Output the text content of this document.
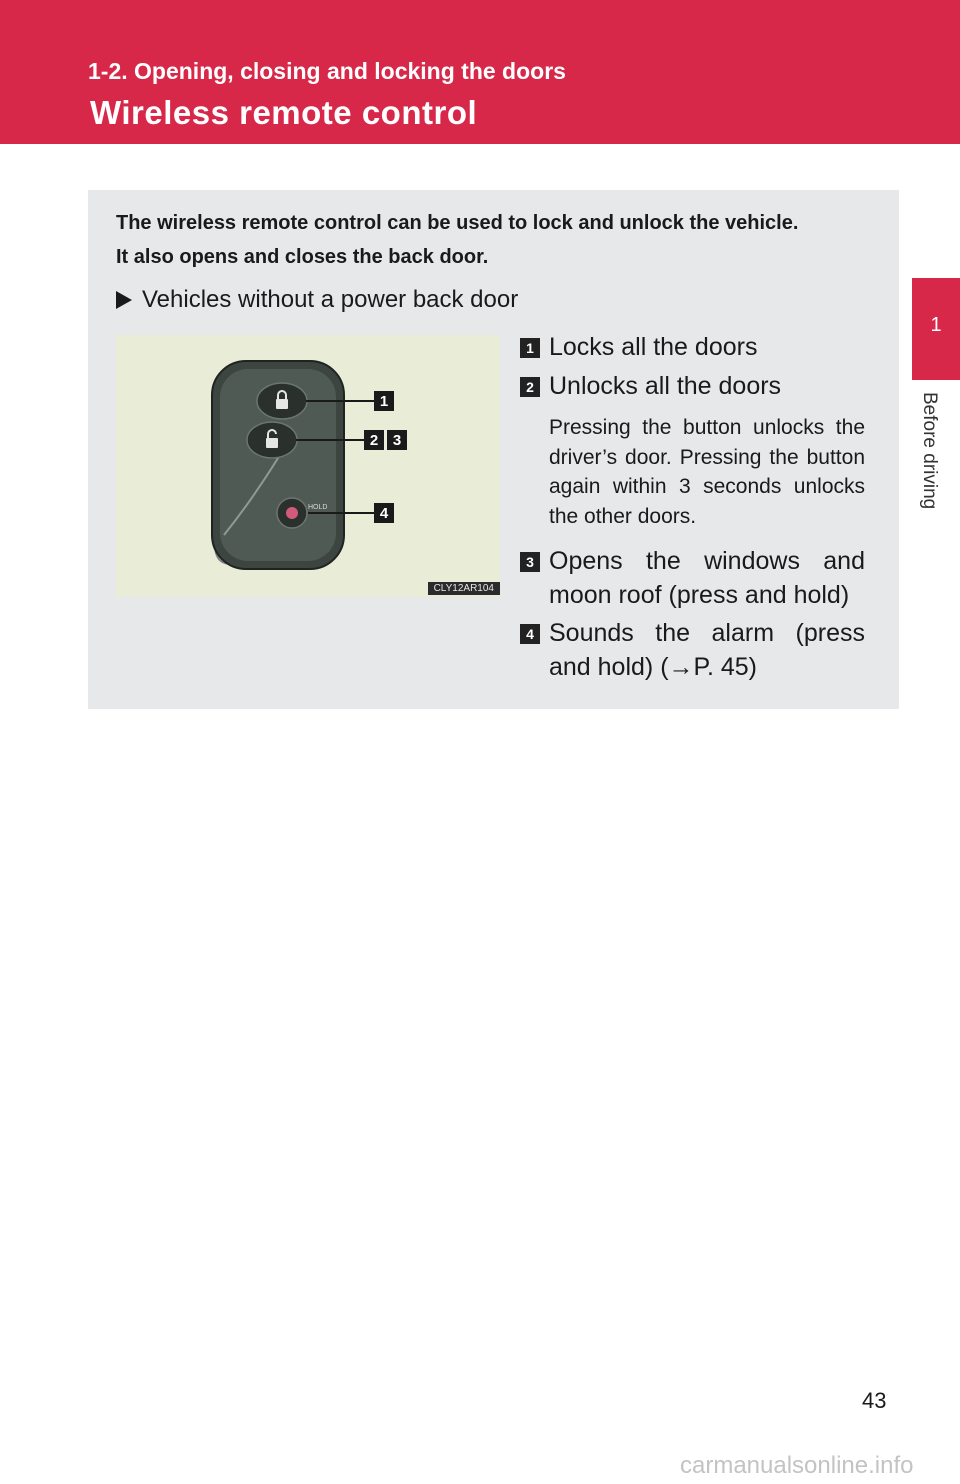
1-2. Opening, closing and locking the doors
Wireless remote control
1
Before driving

The wireless remote control can be used to lock and unlock the vehicle.

It also opens and closes the back door.

Vehicles without a power back door
HOLD
1
2 3
4
CLY12AR104
1 Locks all the doors
2 Unlocks all the doors
Pressing the button unlocks the driver’s door. Pressing the button again within 3 seconds unlocks the other doors.
3 Opens the windows and moon roof (press and hold)
4 Sounds the alarm (press and hold) (→P. 45)
43
carmanualsonline.info
